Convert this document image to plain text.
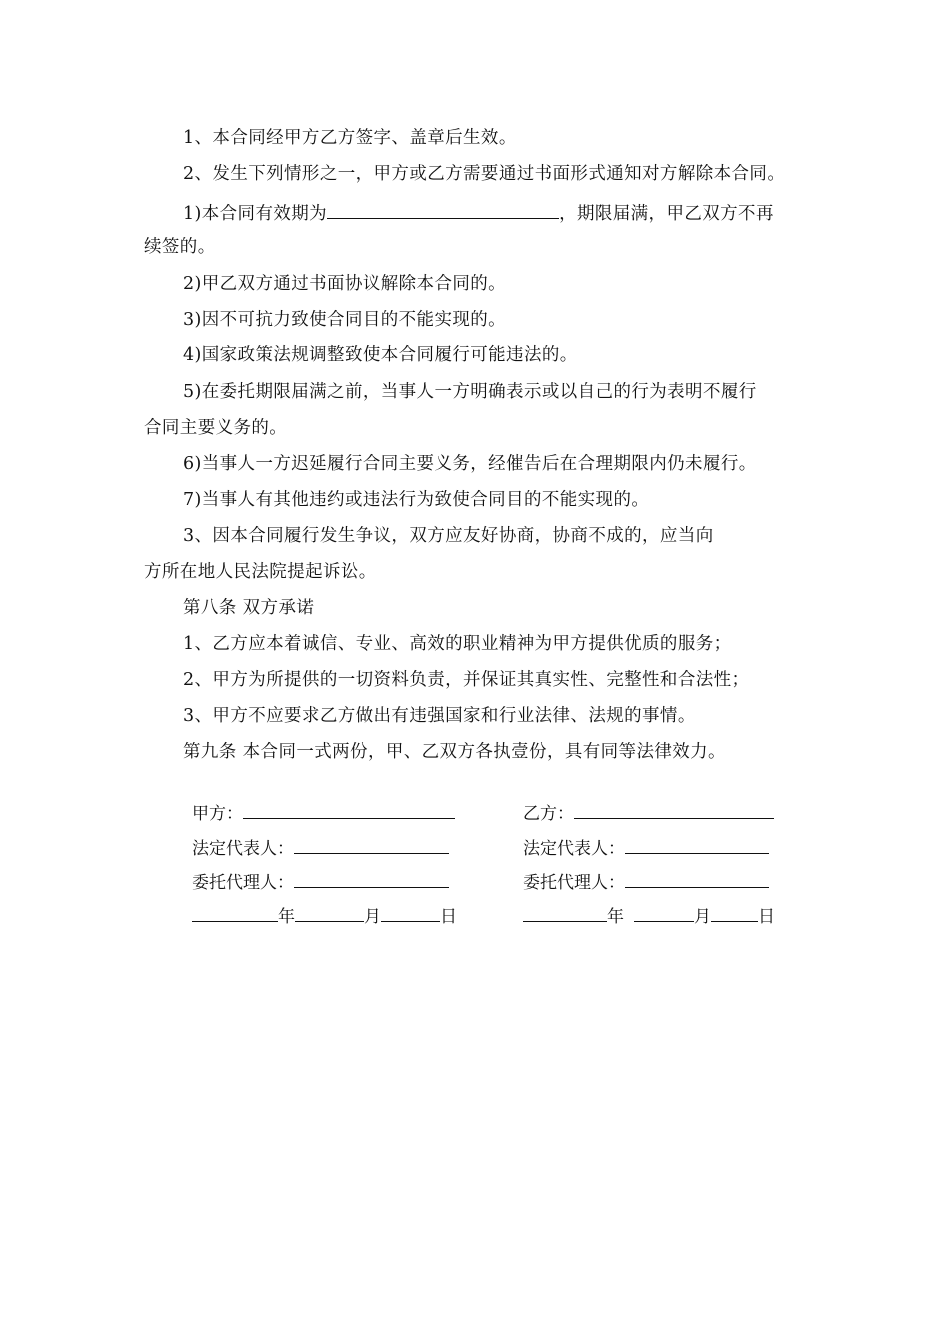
1、本合同经甲方乙方签字、盖章后生效。
2、发生下列情形之一，甲方或乙方需要通过书面形式通知对方解除本合同。
1)本合同有效期为	，期限届满，甲乙双方不再
续签的。
2)甲乙双方通过书面协议解除本合同的。
3)因不可抗力致使合同目的不能实现的。
4)国家政策法规调整致使本合同履行可能违法的。
5)在委托期限届满之前，当事人一方明确表示或以自己的行为表明不履行
合同主要义务的。
6)当事人一方迟延履行合同主要义务，经催告后在合理期限内仍未履行。
7)当事人有其他违约或违法行为致使合同目的不能实现的。
3、因本合同履行发生争议，双方应友好协商，协商不成的，应当向
方所在地人民法院提起诉讼。
第八条 双方承诺
1、乙方应本着诚信、专业、高效的职业精神为甲方提供优质的服务；
2、甲方为所提供的一切资料负责，并保证其真实性、完整性和合法性；
3、甲方不应要求乙方做出有违强国家和行业法律、法规的事情。
第九条 本合同一式两份，甲、乙双方各执壹份，具有同等法律效力。
甲方：
法定代表人：
委托代理人：
年	月	日
乙方：
法定代表人：
委托代理人：
年	月	日
